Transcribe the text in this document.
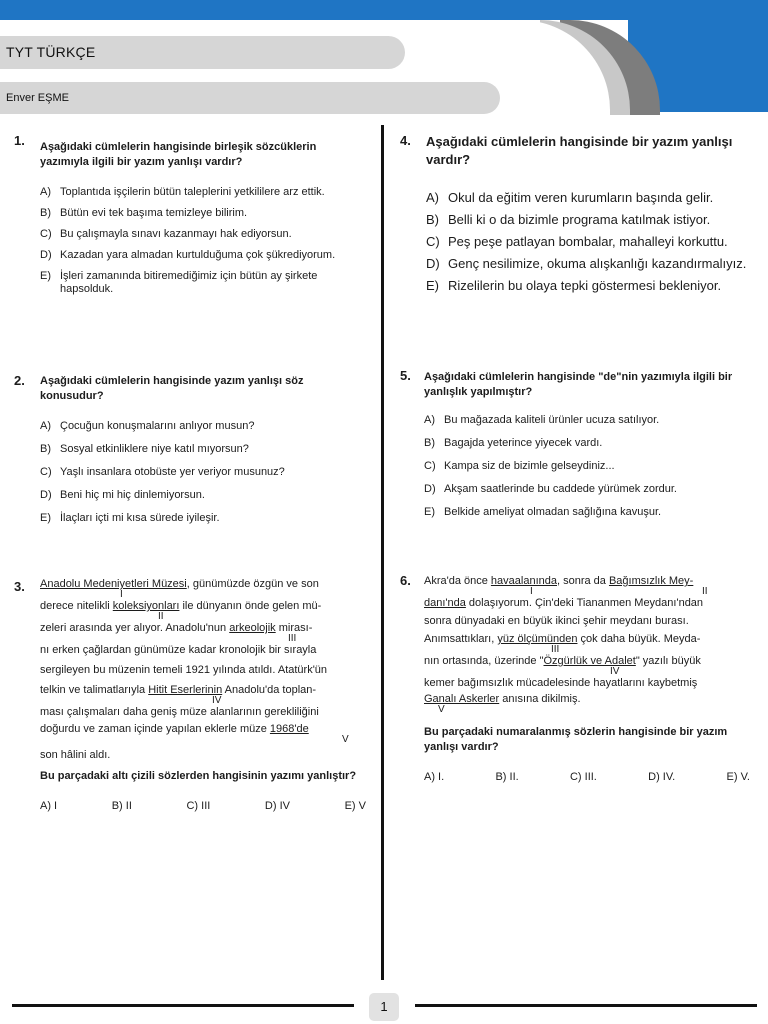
TYT TÜRKÇE
Enver EŞME
1. Aşağıdaki cümlelerin hangisinde birleşik sözcüklerin yazımıyla ilgili bir yazım yanlışı vardır?
A) Toplantıda işçilerin bütün taleplerini yetkililere arz ettik.
B) Bütün evi tek başıma temizleye bilirim.
C) Bu çalışmayla sınavı kazanmayı hak ediyorsun.
D) Kazadan yara almadan kurtulduğuma çok şükrediyorum.
E) İşleri zamanında bitiremediğimiz için bütün ay şirkete hapsolduk.
2. Aşağıdaki cümlelerin hangisinde yazım yanlışı söz konusudur?
A) Çocuğun konuşmalarını anlıyor musun?
B) Sosyal etkinliklere niye katıl mıyorsun?
C) Yaşlı insanlara otobüste yer veriyor musunuz?
D) Beni hiç mi hiç dinlemiyorsun.
E) İlaçları içti mi kısa sürede iyileşir.
3. Anadolu Medeniyetleri Müzesi, günümüzde özgün ve son
I
derece nitelikli koleksiyonları ile dünyanın önde gelen mü-
II
zeleri arasında yer alıyor. Anadolu'nun arkeolojik mirası-
III
nı erken çağlardan günümüze kadar kronolojik bir sırayla
sergileyen bu müzenin temeli 1921 yılında atıldı. Atatürk'ün
telkin ve talimatlarıyla Hitit Eserlerinin Anadolu'da toplan-
IV
ması çalışmaları daha geniş müze alanlarının gerekliliğini
doğurdu ve zaman içinde yapılan eklerle müze 1968'de
V
son hâlini aldı.
Bu parçadaki altı çizili sözlerden hangisinin yazımı yanlıştır?
A) I	B) II	C) III	D) IV	E) V
4. Aşağıdaki cümlelerin hangisinde bir yazım yanlışı vardır?
A) Okul da eğitim veren kurumların başında gelir.
B) Belli ki o da bizimle programa katılmak istiyor.
C) Peş peşe patlayan bombalar, mahalleyi korkuttu.
D) Genç nesilimize, okuma alışkanlığı kazandırmalıyız.
E) Rizelilerin bu olaya tepki göstermesi bekleniyor.
5. Aşağıdaki cümlelerin hangisinde "de"nin yazımıyla ilgili bir yanlışlık yapılmıştır?
A) Bu mağazada kaliteli ürünler ucuza satılıyor.
B) Bagajda yeterince yiyecek vardı.
C) Kampa siz de bizimle gelseydiniz...
D) Akşam saatlerinde bu caddede yürümek zordur.
E) Belkide ameliyat olmadan sağlığına kavuşur.
6. Akra'da önce havaalanında, sonra da Bağımsızlık Mey-
I	II
danı'nda dolaşıyorum. Çin'deki Tiananmen Meydanı'ndan
sonra dünyadaki en büyük ikinci şehir meydanı burası.
Anımsattıkları, yüz ölçümünden çok daha büyük. Meyda-
III
nın ortasında, üzerinde "Özgürlük ve Adalet" yazılı büyük
IV
kemer bağımsızlık mücadelesinde hayatlarını kaybetmiş
Ganalı Askerler anısına dikilmiş.
V
Bu parçadaki numaralanmış sözlerin hangisinde bir yazım yanlışı vardır?
A) I.	B) II.	C) III.	D) IV.	E) V.
1
